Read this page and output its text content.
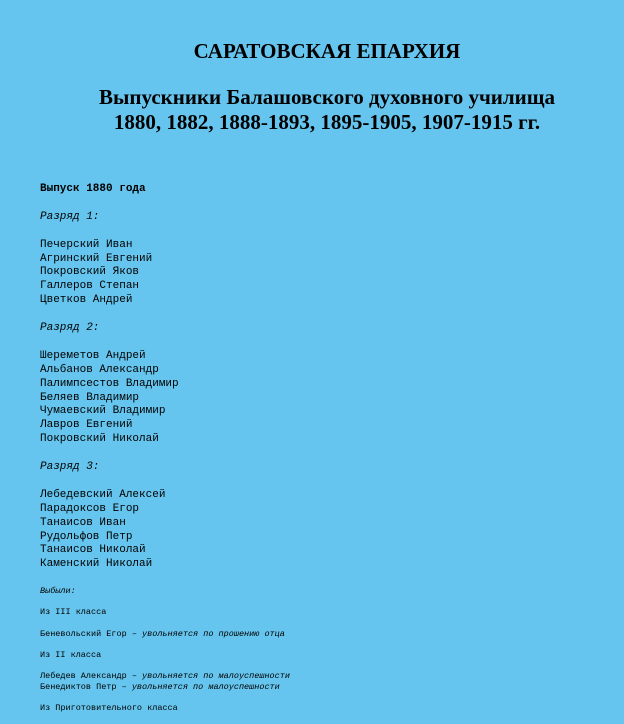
САРАТОВСКАЯ ЕПАРХИЯ
Выпускники Балашовского духовного училища
1880, 1882, 1888-1893, 1895-1905, 1907-1915 гг.
Выпуск 1880 года
Разряд 1:
Печерский Иван
Агринский Евгений
Покровский Яков
Галлеров Степан
Цветков Андрей
Разряд 2:
Шереметов Андрей
Альбанов Александр
Палимпсестов Владимир
Беляев Владимир
Чумаевский Владимир
Лавров Евгений
Покровский Николай
Разряд 3:
Лебедевский Алексей
Парадоксов Егор
Танаисов Иван
Рудольфов Петр
Танаисов Николай
Каменский Николай
Выбыли:
Из III класса
Беневольский Егор – увольняется по прошению отца
Из II класса
Лебедев Александр – увольняется по малоуспешности
Бенедиктов Петр – увольняется по малоуспешности
Из Приготовительного класса
